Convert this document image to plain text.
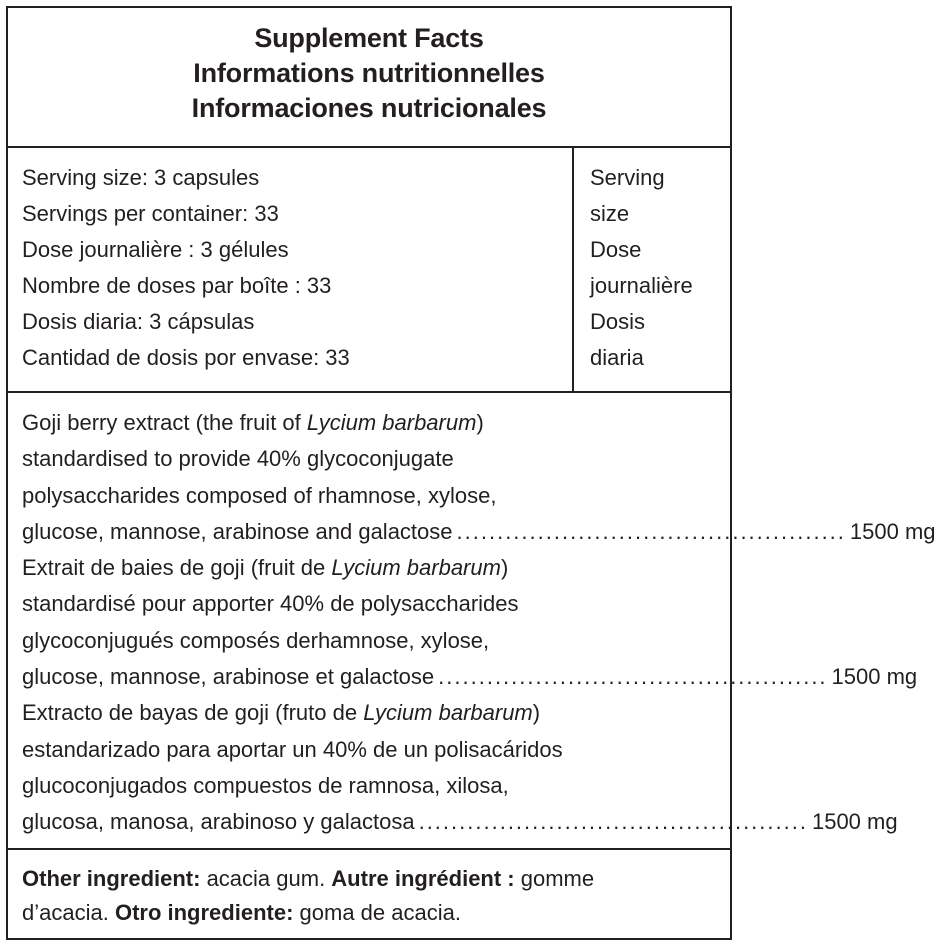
Supplement Facts
Informations nutritionnelles
Informaciones nutricionales
Serving size: 3 capsules
Servings per container: 33
Dose journalière : 3 gélules
Nombre de doses par boîte : 33
Dosis diaria: 3 cápsulas
Cantidad de dosis por envase: 33
Serving
size
Dose
journalière
Dosis
diaria
Goji berry extract (the fruit of Lycium barbarum)
standardised to provide 40% glycoconjugate
polysaccharides composed of rhamnose, xylose,
glucose, mannose, arabinose and galactose ................................................ 1500 mg
Extrait de baies de goji (fruit de Lycium barbarum)
standardisé pour apporter 40% de polysaccharides
glycoconjugués composés derhamnose, xylose,
glucose, mannose, arabinose et galactose ................................................ 1500 mg
Extracto de bayas de goji (fruto de Lycium barbarum)
estandarizado para aportar un 40% de un polisacáridos
glucoconjugados compuestos de ramnosa, xilosa,
glucosa, manosa, arabinoso y galactosa ................................................ 1500 mg
Other ingredient: acacia gum. Autre ingrédient : gomme d’acacia. Otro ingrediente: goma de acacia.
